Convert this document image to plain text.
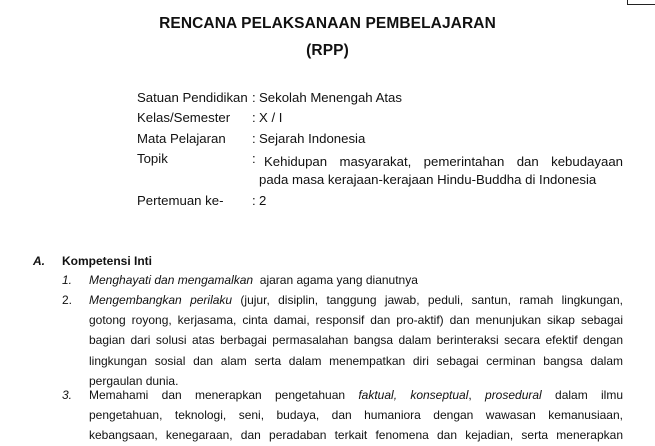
RENCANA PELAKSANAAN PEMBELAJARAN
(RPP)
Satuan Pendidikan : Sekolah Menengah Atas
Kelas/Semester : X / I
Mata Pelajaran : Sejarah Indonesia
Topik	: Kehidupan masyarakat, pemerintahan dan kebudayaan
pada masa kerajaan-kerajaan Hindu-Buddha di Indonesia
Pertemuan ke- : 2
A. Kompetensi Inti
1. Menghayati dan mengamalkan  ajaran agama yang dianutnya
2. Mengembangkan perilaku (jujur, disiplin, tanggung jawab, peduli, santun, ramah lingkungan,
gotong royong, kerjasama, cinta damai, responsif dan pro-aktif) dan menunjukan sikap sebagai
bagian dari solusi atas berbagai permasalahan bangsa dalam berinteraksi secara efektif dengan
lingkungan sosial dan alam serta dalam menempatkan diri sebagai cerminan bangsa dalam
pergaulan dunia.
3. Memahami dan menerapkan pengetahuan faktual, konseptual, prosedural dalam ilmu
pengetahuan, teknologi, seni, budaya, dan humaniora dengan wawasan kemanusiaan,
kebangsaan, kenegaraan, dan peradaban terkait fenomena dan kejadian, serta menerapkan
